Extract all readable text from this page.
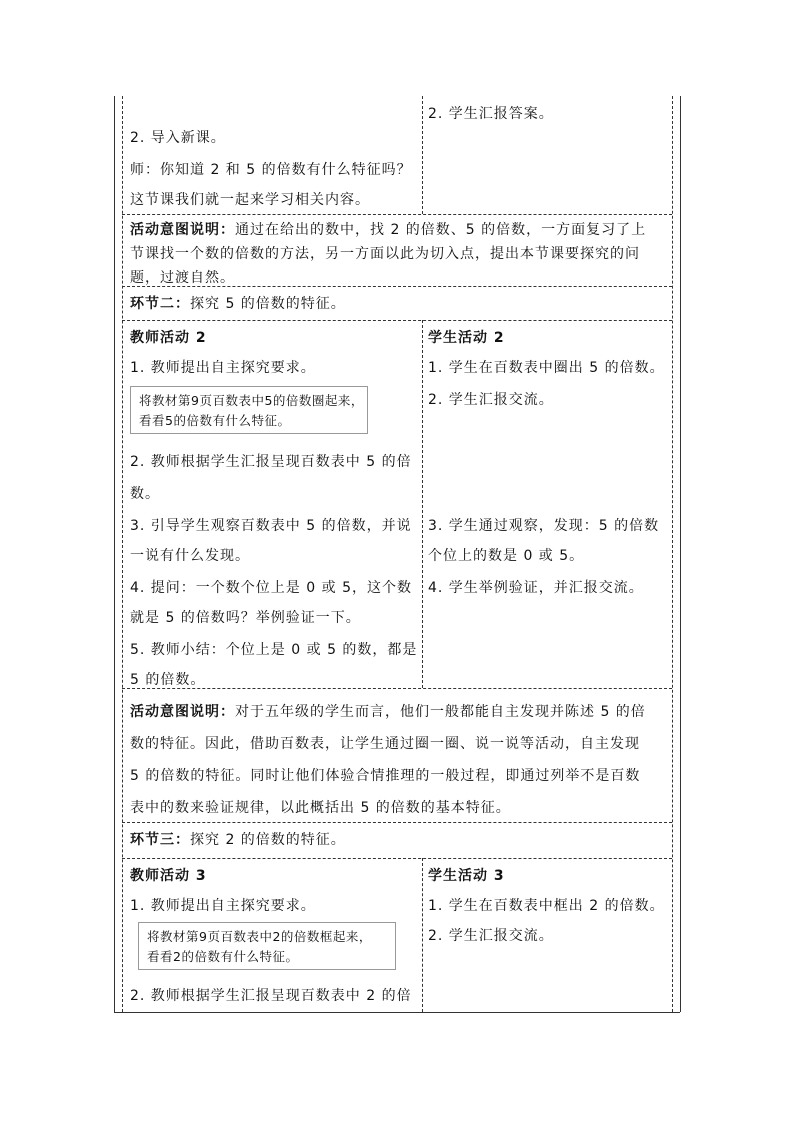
2. 导入新课。
师：你知道 2 和 5 的倍数有什么特征吗？
这节课我们就一起来学习相关内容。
2. 学生汇报答案。
活动意图说明：通过在给出的数中，找 2 的倍数、5 的倍数，一方面复习了上
节课找一个数的倍数的方法，另一方面以此为切入点，提出本节课要探究的问
题，过渡自然。
环节二：探究 5 的倍数的特征。
教师活动 2
1. 教师提出自主探究要求。
将教材第9页百数表中5的倍数圈起来，
看看5的倍数有什么特征。
2. 教师根据学生汇报呈现百数表中 5 的倍
数。
3. 引导学生观察百数表中 5 的倍数，并说
一说有什么发现。
4. 提问：一个数个位上是 0 或 5，这个数
就是 5 的倍数吗？举例验证一下。
5. 教师小结：个位上是 0 或 5 的数，都是
5 的倍数。
学生活动 2
1. 学生在百数表中圈出 5 的倍数。
2. 学生汇报交流。
3. 学生通过观察，发现：5 的倍数
个位上的数是 0 或 5。
4. 学生举例验证，并汇报交流。
活动意图说明：对于五年级的学生而言，他们一般都能自主发现并陈述 5 的倍
数的特征。因此，借助百数表，让学生通过圈一圈、说一说等活动，自主发现
5 的倍数的特征。同时让他们体验合情推理的一般过程，即通过列举不是百数
表中的数来验证规律，以此概括出 5 的倍数的基本特征。
环节三：探究 2 的倍数的特征。
教师活动 3
1. 教师提出自主探究要求。
将教材第9页百数表中2的倍数框起来，
看看2的倍数有什么特征。
2. 教师根据学生汇报呈现百数表中 2 的倍
学生活动 3
1. 学生在百数表中框出 2 的倍数。
2. 学生汇报交流。
